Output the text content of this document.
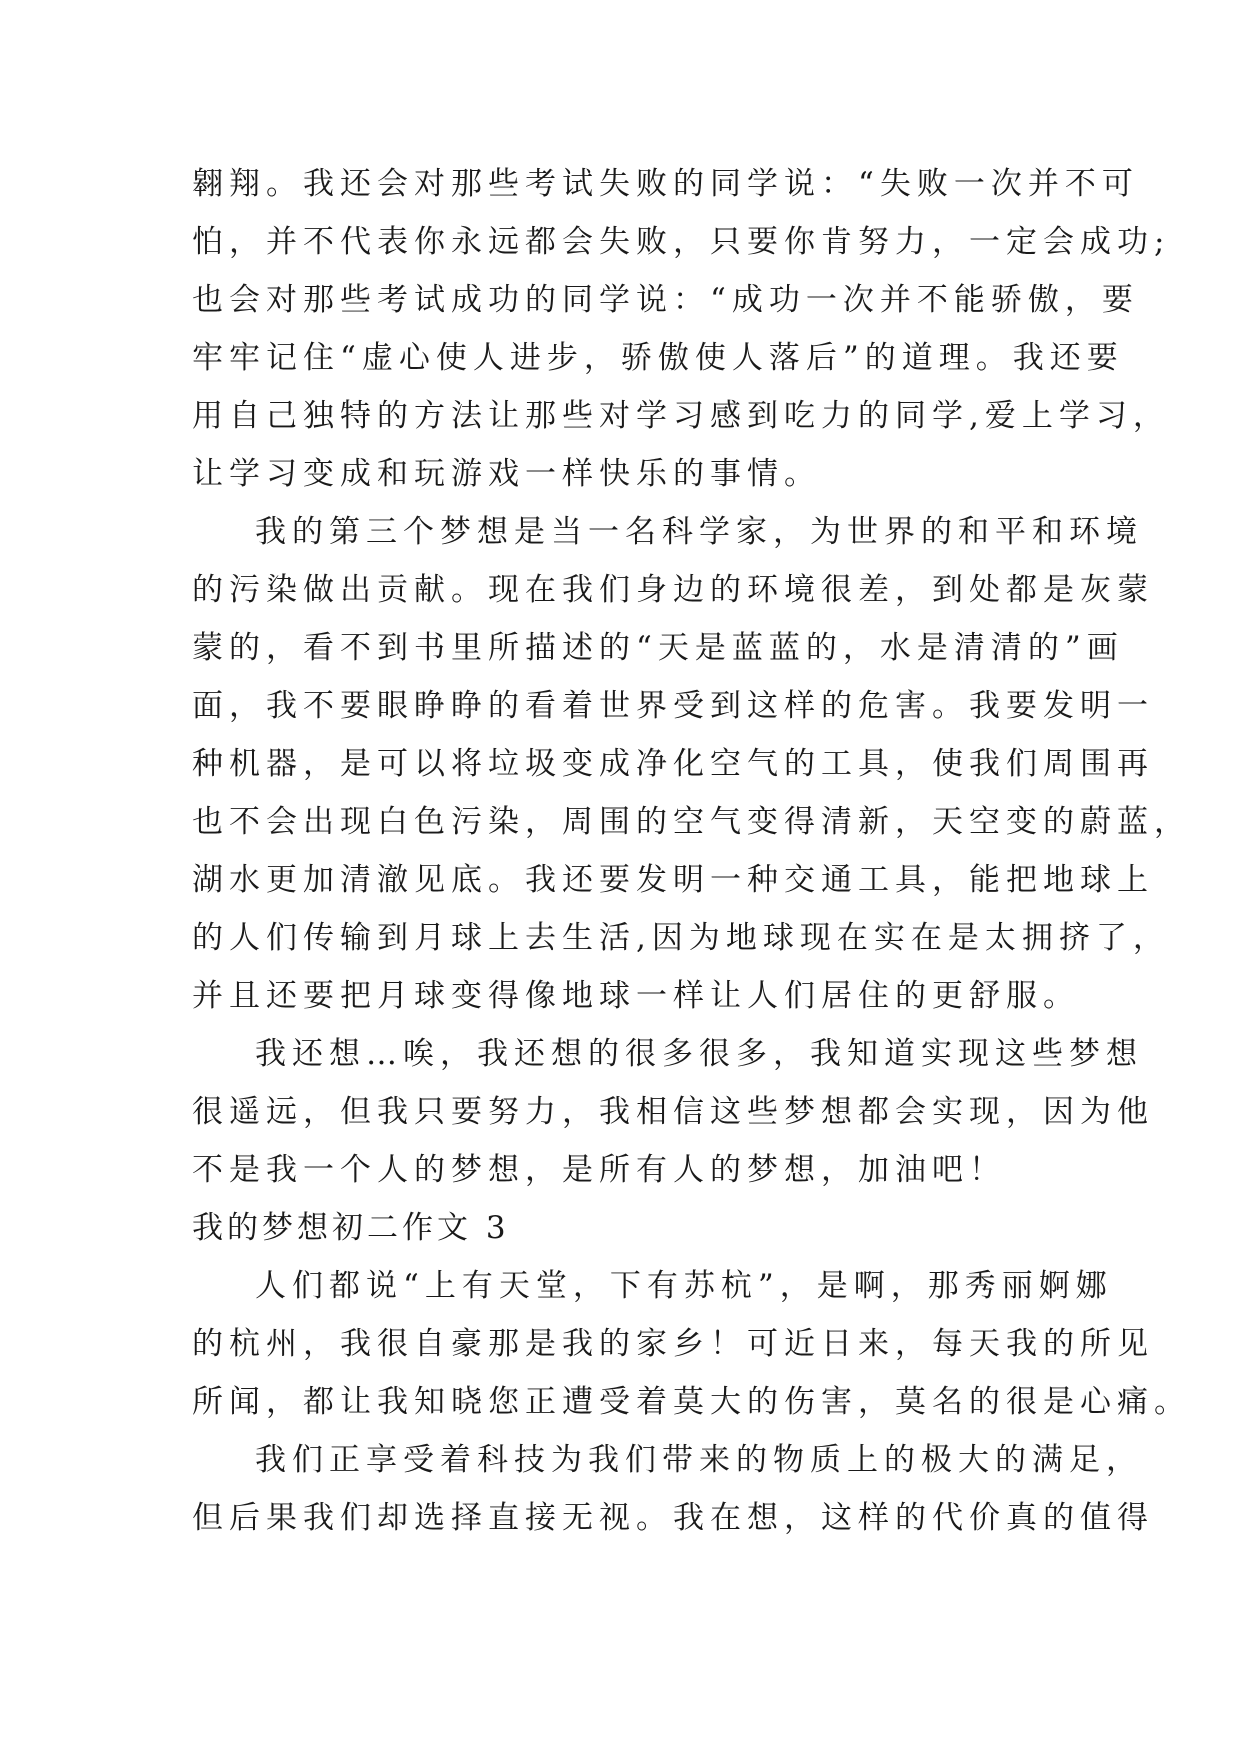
翱翔。我还会对那些考试失败的同学说：“失败一次并不可
怕，并不代表你永远都会失败，只要你肯努力，一定会成功;
也会对那些考试成功的同学说：“成功一次并不能骄傲，要
牢牢记住“虚心使人进步，骄傲使人落后”的道理。我还要
用自己独特的方法让那些对学习感到吃力的同学,爱上学习，
让学习变成和玩游戏一样快乐的事情。
我的第三个梦想是当一名科学家，为世界的和平和环境
的污染做出贡献。现在我们身边的环境很差，到处都是灰蒙
蒙的，看不到书里所描述的“天是蓝蓝的，水是清清的”画
面，我不要眼睁睁的看着世界受到这样的危害。我要发明一
种机器，是可以将垃圾变成净化空气的工具，使我们周围再
也不会出现白色污染，周围的空气变得清新，天空变的蔚蓝，
湖水更加清澈见底。我还要发明一种交通工具，能把地球上
的人们传输到月球上去生活,因为地球现在实在是太拥挤了，
并且还要把月球变得像地球一样让人们居住的更舒服。
我还想…唉，我还想的很多很多，我知道实现这些梦想
很遥远，但我只要努力，我相信这些梦想都会实现，因为他
不是我一个人的梦想，是所有人的梦想，加油吧！
我的梦想初二作文 3
人们都说“上有天堂，下有苏杭”，是啊，那秀丽婀娜
的杭州，我很自豪那是我的家乡！可近日来，每天我的所见
所闻，都让我知晓您正遭受着莫大的伤害，莫名的很是心痛。
我们正享受着科技为我们带来的物质上的极大的满足，
但后果我们却选择直接无视。我在想，这样的代价真的值得
